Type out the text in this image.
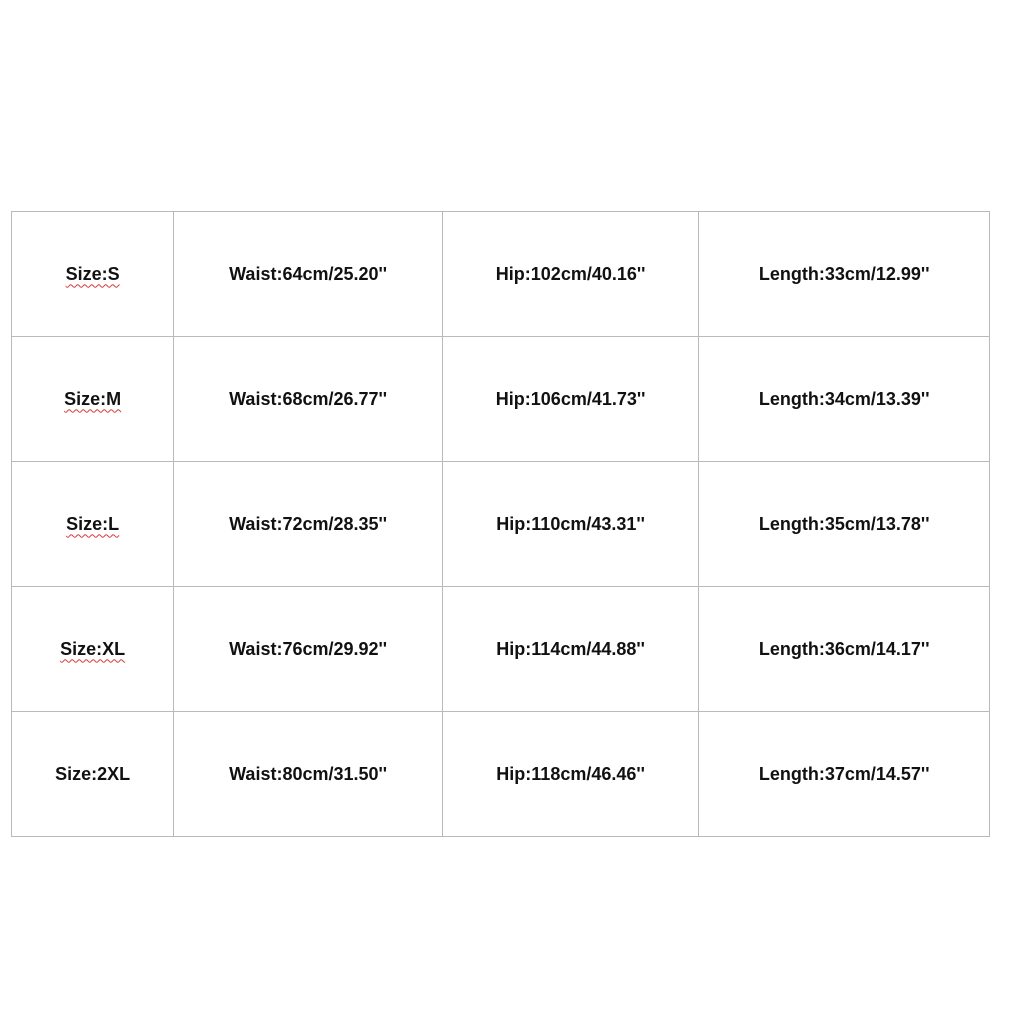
Size:S	Waist:64cm/25.20''	Hip:102cm/40.16''	Length:33cm/12.99''
Size:M	Waist:68cm/26.77''	Hip:106cm/41.73''	Length:34cm/13.39''
Size:L	Waist:72cm/28.35''	Hip:110cm/43.31''	Length:35cm/13.78''
Size:XL	Waist:76cm/29.92''	Hip:114cm/44.88''	Length:36cm/14.17''
Size:2XL	Waist:80cm/31.50''	Hip:118cm/46.46''	Length:37cm/14.57''
